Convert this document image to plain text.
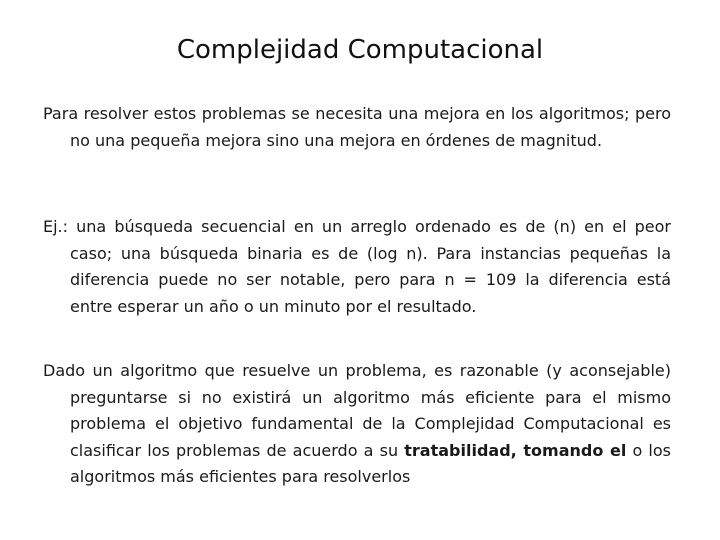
Complejidad Computacional

Para resolver estos problemas se necesita una mejora en los algoritmos; pero no una pequeña mejora sino una mejora en órdenes de magnitud.

Ej.: una búsqueda secuencial en un arreglo ordenado es de (n) en el peor caso; una búsqueda binaria es de (log n). Para instancias pequeñas la diferencia puede no ser notable, pero para n = 109 la diferencia está entre esperar un año o un minuto por el resultado.

Dado un algoritmo que resuelve un problema, es razonable (y aconsejable) preguntarse si no existirá un algoritmo más eficiente para el mismo problema el objetivo fundamental de la Complejidad Computacional es clasificar los problemas de acuerdo a su tratabilidad, tomando el o los algoritmos más eficientes para resolverlos
